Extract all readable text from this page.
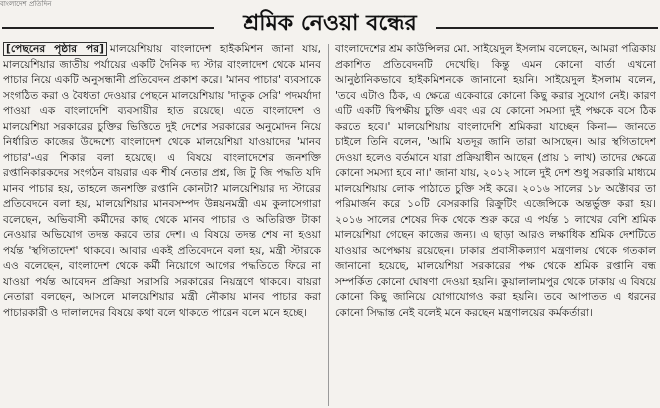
বাংলাদেশ প্রতিদিন
শ্রমিক নেওয়া বন্ধের

[পেছনের পৃষ্ঠার পর] মালয়েশিয়ায় বাংলাদেশ হাইকমিশন জানা যায়, মালয়েশিয়ার জাতীয় পর্যায়ের একটি দৈনিক দ্য স্টার বাংলাদেশ থেকে মানব পাচার নিয়ে একটি অনুসন্ধানী প্রতিবেদন প্রকাশ করে। 'মানব পাচার' ব্যবসাকে সংগঠিত করা ও বৈধতা দেওয়ার পেছনে মালয়েশিয়ায় 'দাতুক সেরি' পদমর্যাদা পাওয়া এক বাংলাদেশি ব্যবসায়ীর হাত রয়েছে। এতে বাংলাদেশ ও মালয়েশিয়া সরকারের চুক্তির ভিত্তিতে দুই দেশের সরকারের অনুমোদন নিয়ে নির্ধারিত কাজের উদ্দেশ্যে বাংলাদেশ থেকে মালয়েশিয়া যাওয়াদের 'মানব পাচার'-এর শিকার বলা হয়েছে। এ বিষয়ে বাংলাদেশের জনশক্তি রপ্তানিকারকদের সংগঠন বায়রার এক শীর্ষ নেতার প্রশ্ন, জি টু জি পদ্ধতি যদি মানব পাচার হয়, তাহলে জনশক্তি রপ্তানি কোনটা? মালয়েশিয়ার দ্য স্টারের প্রতিবেদনে বলা হয়, মালয়েশিয়ার মানবসম্পদ উন্নয়নমন্ত্রী এম কুলাসেগারা বলেছেন, অভিবাসী কর্মীদের কাছ থেকে মানব পাচার ও অতিরিক্ত টাকা নেওয়ার অভিযোগ তদন্ত করবে তার দেশ। এ বিষয়ে তদন্ত শেষ না হওয়া পর্যন্ত 'স্থগিতাদেশ' থাকবে। আবার একই প্রতিবেদনে বলা হয়, মন্ত্রী স্টারকে এও বলেছেন, বাংলাদেশ থেকে কর্মী নিয়োগে আগের পদ্ধতিতে ফিরে না যাওয়া পর্যন্ত আবেদন প্রক্রিয়া সরাসরি সরকারের নিয়ন্ত্রণে থাকবে। বায়রা নেতারা বলছেন, আসলে মালয়েশিয়ার মন্ত্রী নৌকায় মানব পাচার করা পাচারকারী ও দালালদের বিষয়ে কথা বলে থাকতে পারেন বলে মনে হচ্ছে।

বাংলাদেশের শ্রম কাউন্সিলর মো. সাইয়েদুল ইসলাম বলেছেন, আমরা পত্রিকায় প্রকাশিত প্রতিবেদনটি দেখেছি। কিন্তু এমন কোনো বার্তা এখনো আনুষ্ঠানিকভাবে হাইকমিশনকে জানানো হয়নি। সাইয়েদুল ইসলাম বলেন, 'তবে এটাও ঠিক, এ ক্ষেত্রে একেবারে কোনো কিছু করার সুযোগ নেই। কারণ এটি একটি দ্বিপক্ষীয় চুক্তি এবং এর যে কোনো সমস্যা দুই পক্ষকে বসে ঠিক করতে হবে।' মালয়েশিয়ায় বাংলাদেশি শ্রমিকরা যাচ্ছেন কিনা— জানতে চাইলে তিনি বলেন, 'আমি যতদূর জানি তারা আসছেন। আর স্থগিতাদেশ দেওয়া হলেও বর্তমানে যারা প্রক্রিয়াধীন আছেন (প্রায় ১ লাখ) তাদের ক্ষেত্রে কোনো সমস্যা হবে না।' জানা যায়, ২০১২ সালে দুই দেশ শুধু সরকারি মাধ্যমে মালয়েশিয়ায় লোক পাঠাতে চুক্তি সই করে। ২০১৬ সালের ১৮ অক্টোবর তা পরিমার্জন করে ১০টি বেসরকারি রিক্রুটিং এজেন্সিকে অন্তর্ভুক্ত করা হয়। ২০১৬ সালের শেষের দিক থেকে শুরু করে এ পর্যন্ত ১ লাখের বেশি শ্রমিক মালয়েশিয়া গেছেন কাজের জন্য। এ ছাড়া আরও লক্ষাধিক শ্রমিক দেশটিতে যাওয়ার অপেক্ষায় রয়েছেন। ঢাকার প্রবাসীকল্যাণ মন্ত্রণালয় থেকে গতকাল জানানো হয়েছে, মালয়েশিয়া সরকারের পক্ষ থেকে শ্রমিক রপ্তানি বন্ধ সম্পর্কিত কোনো ঘোষণা দেওয়া হয়নি। কুয়ালালামপুর থেকে ঢাকায় এ বিষয়ে কোনো কিছু জানিয়ে যোগাযোগও করা হয়নি। তবে আপাতত এ ধরনের কোনো সিদ্ধান্ত নেই বলেই মনে করছেন মন্ত্রণালয়ের কর্মকর্তারা।
